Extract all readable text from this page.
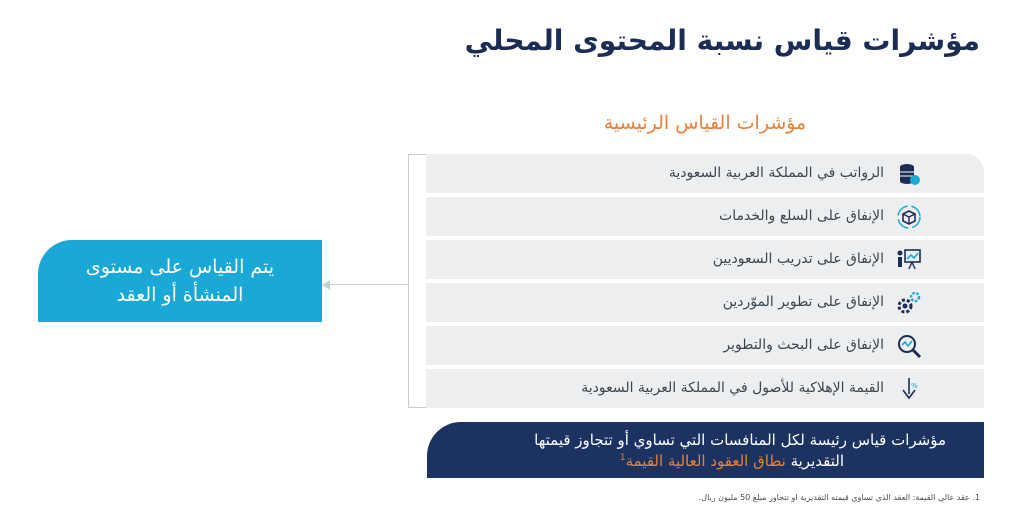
مؤشرات قياس نسبة المحتوى المحلي
مؤشرات القياس الرئيسية
يتم القياس على مستوى
المنشأة أو العقد
الرواتب في المملكة العربية السعودية
الإنفاق على السلع والخدمات
الإنفاق على تدريب السعوديين
الإنفاق على تطوير الموّردين
الإنفاق على البحث والتطوير
القيمة الإهلاكية للأصول في المملكة العربية السعودية	%
مؤشرات قياس رئيسة لكل المنافسات التي تساوي أو تتجاوز قيمتها
التقديرية نطاق العقود العالية القيمة$^1$
1. عقد عالي القيمة: العقد الذي تساوي قيمته التقديرية او تتجاوز مبلغ 50 مليون ريال.
